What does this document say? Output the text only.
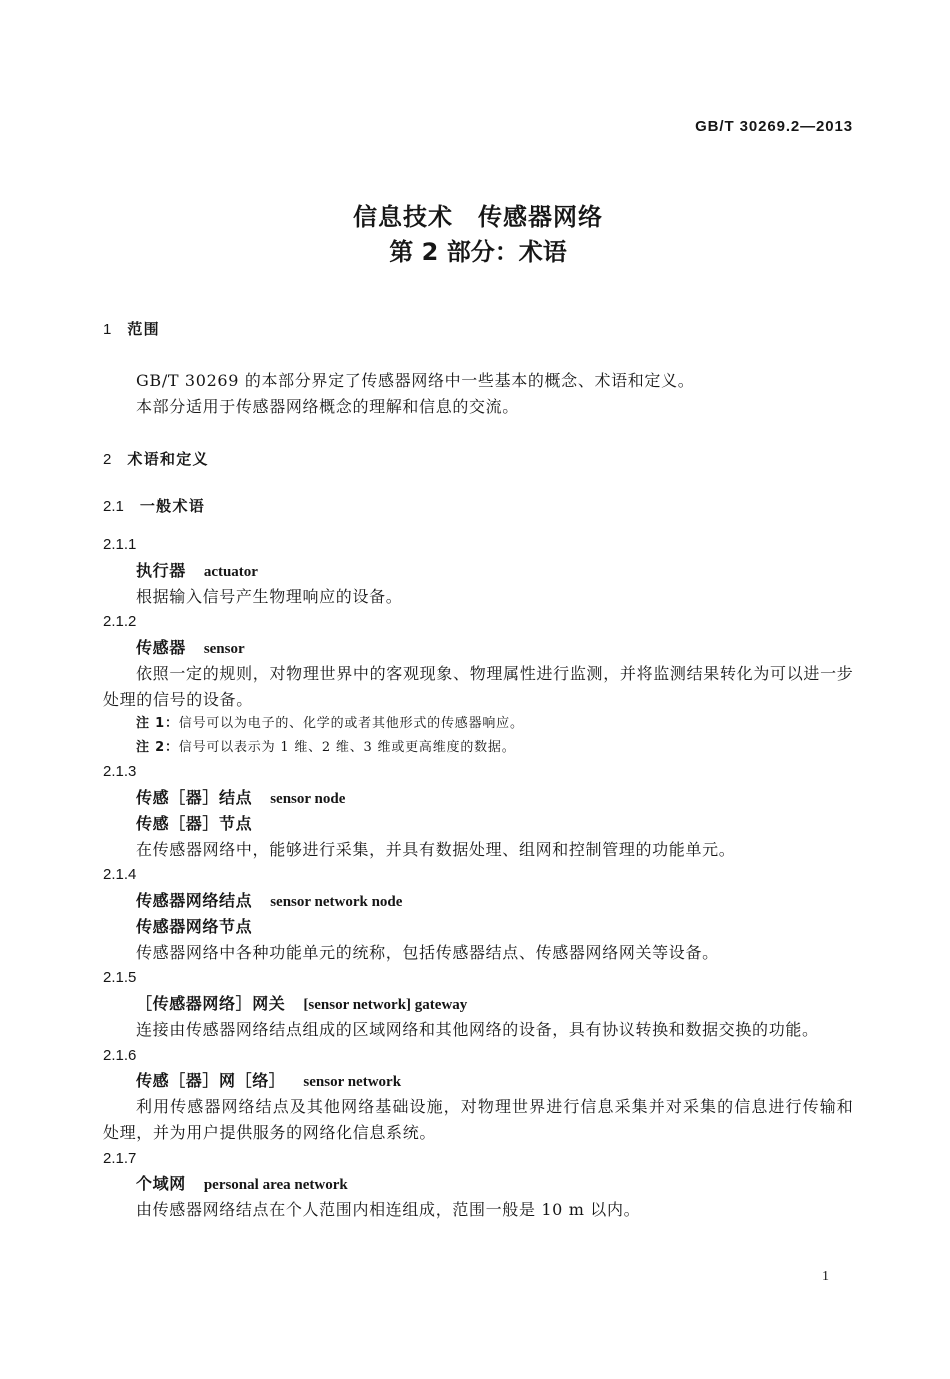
GB/T 30269.2—2013
信息技术　传感器网络
第 2 部分：术语
1 范围
GB/T 30269 的本部分界定了传感器网络中一些基本的概念、术语和定义。
本部分适用于传感器网络概念的理解和信息的交流。
2 术语和定义
2.1 一般术语
2.1.1
执行器 actuator
根据输入信号产生物理响应的设备。
2.1.2
传感器 sensor
依照一定的规则，对物理世界中的客观现象、物理属性进行监测，并将监测结果转化为可以进一步
处理的信号的设备。
注 1：信号可以为电子的、化学的或者其他形式的传感器响应。
注 2：信号可以表示为 1 维、2 维、3 维或更高维度的数据。
2.1.3
传感［器］结点 sensor node
传感［器］节点
在传感器网络中，能够进行采集，并具有数据处理、组网和控制管理的功能单元。
2.1.4
传感器网络结点 sensor network node
传感器网络节点
传感器网络中各种功能单元的统称，包括传感器结点、传感器网络网关等设备。
2.1.5
［传感器网络］网关 [sensor network] gateway
连接由传感器网络结点组成的区域网络和其他网络的设备，具有协议转换和数据交换的功能。
2.1.6
传感［器］网［络］ sensor network
利用传感器网络结点及其他网络基础设施，对物理世界进行信息采集并对采集的信息进行传输和
处理，并为用户提供服务的网络化信息系统。
2.1.7
个域网 personal area network
由传感器网络结点在个人范围内相连组成，范围一般是 10 m 以内。
1
